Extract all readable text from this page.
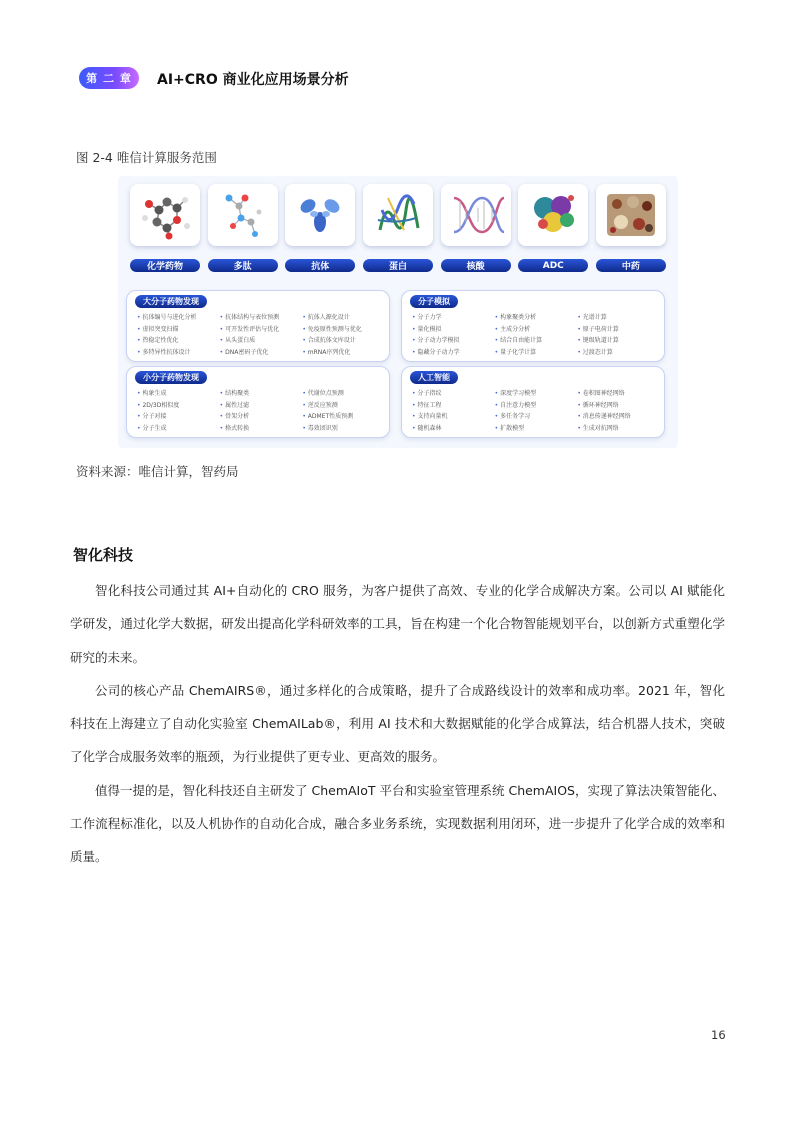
第 二 章	AI+CRO 商业化应用场景分析
图 2-4 唯信计算服务范围
化学药物	多肽	抗体	蛋白	核酸	ADC	中药
大分子药物发现
• 抗体编号与进化分析	• 抗体结构与表位预测	• 抗体人源化设计
• 虚拟突变扫描	• 可开发性评估与优化	• 免疫原性预测与优化
• 热稳定性优化	• 从头蛋白质	• 合成抗体文库设计
• 多特异性抗体设计	• DNA密码子优化	• mRNA序列优化
分子模拟
• 分子力学	• 构象聚类分析	• 光谱计算
• 量化模拟	• 主成分分析	• 原子电荷计算
• 分子动力学模拟	• 结合自由能计算	• 键级轨道计算
• 隐藏分子动力学	• 量子化学计算	• 过渡态计算
小分子药物发现
• 构象生成	• 结构聚类	• 代谢位点预测
• 2D/3D相似度	• 属性过滤	• 逆反应预测
• 分子对接	• 骨架分析	• ADMET性质预测
• 分子生成	• 格式转换	• 毒效团识别
人工智能
• 分子指纹	• 深度学习模型	• 卷积图神经网络
• 特征工程	• 自注意力模型	• 循环神经网络
• 支持向量机	• 多任务学习	• 消息传递神经网络
• 随机森林	• 扩散模型	• 生成对抗网络
资料来源：唯信计算，智药局
智化科技

智化科技公司通过其 AI+自动化的 CRO 服务，为客户提供了高效、专业的化学合成解决方案。公司以 AI 赋能化学研发，通过化学大数据，研发出提高化学科研效率的工具，旨在构建一个化合物智能规划平台，以创新方式重塑化学研究的未来。

公司的核心产品 ChemAIRS®，通过多样化的合成策略，提升了合成路线设计的效率和成功率。2021 年，智化科技在上海建立了自动化实验室 ChemAILab®，利用 AI 技术和大数据赋能的化学合成算法，结合机器人技术，突破了化学合成服务效率的瓶颈，为行业提供了更专业、更高效的服务。

值得一提的是，智化科技还自主研发了 ChemAIoT 平台和实验室管理系统 ChemAIOS，实现了算法决策智能化、工作流程标准化，以及人机协作的自动化合成，融合多业务系统，实现数据利用闭环，进一步提升了化学合成的效率和质量。

16
